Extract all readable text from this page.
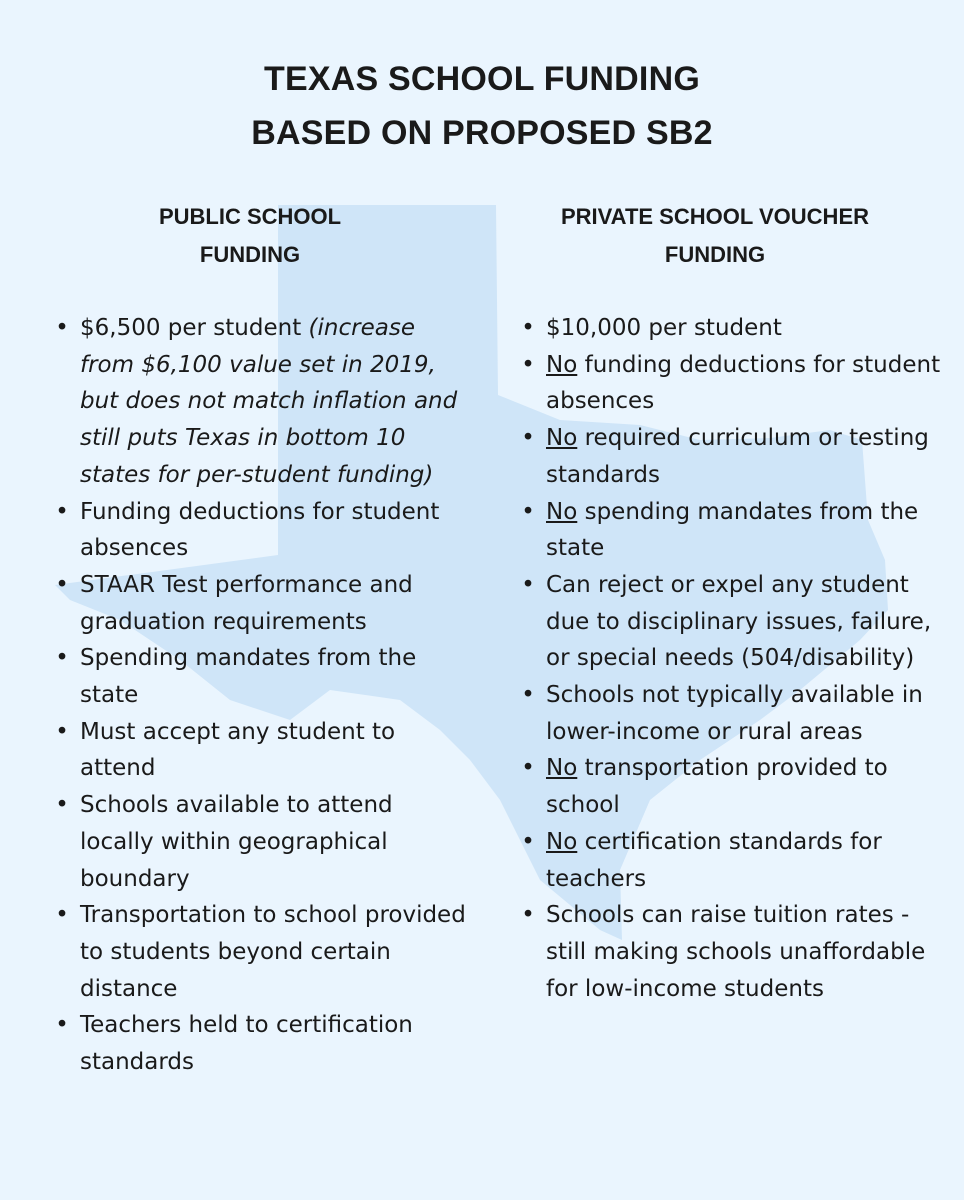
TEXAS SCHOOL FUNDING
BASED ON PROPOSED SB2
PUBLIC SCHOOL
FUNDING
PRIVATE SCHOOL VOUCHER
FUNDING
• $6,500 per student (increase from $6,100 value set in 2019, but does not match inflation and still puts Texas in bottom 10 states for per-student funding)
• Funding deductions for student absences
• STAAR Test performance and graduation requirements
• Spending mandates from the state
• Must accept any student to attend
• Schools available to attend locally within geographical boundary
• Transportation to school provided to students beyond certain distance
• Teachers held to certification standards
• $10,000 per student
• No funding deductions for student absences
• No required curriculum or testing standards
• No spending mandates from the state
• Can reject or expel any student due to disciplinary issues, failure, or special needs (504/disability)
• Schools not typically available in lower-income or rural areas
• No transportation provided to school
• No certification standards for teachers
• Schools can raise tuition rates - still making schools unaffordable for low-income students
